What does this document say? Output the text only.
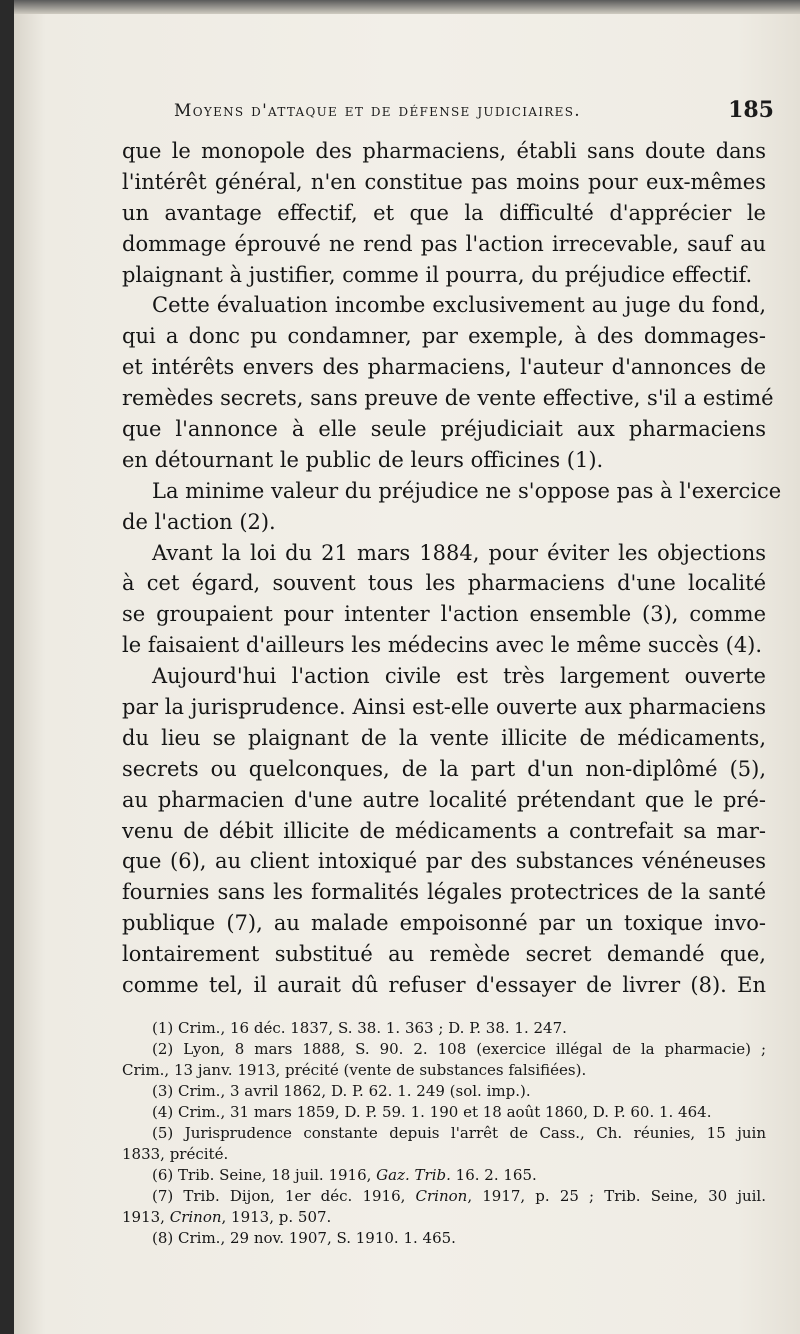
Moyens d'attaque et de défense judiciaires.	185
que le monopole des pharmaciens, établi sans doute dans
l'intérêt général, n'en constitue pas moins pour eux-mêmes
un avantage effectif, et que la difficulté d'apprécier le
dommage éprouvé ne rend pas l'action irrecevable, sauf au
plaignant à justifier, comme il pourra, du préjudice effectif.
Cette évaluation incombe exclusivement au juge du fond,
qui a donc pu condamner, par exemple, à des dommages-
et intérêts envers des pharmaciens, l'auteur d'annonces de
remèdes secrets, sans preuve de vente effective, s'il a estimé
que l'annonce à elle seule préjudiciait aux pharmaciens
en détournant le public de leurs officines (1).
La minime valeur du préjudice ne s'oppose pas à l'exercice
de l'action (2).
Avant la loi du 21 mars 1884, pour éviter les objections
à cet égard, souvent tous les pharmaciens d'une localité
se groupaient pour intenter l'action ensemble (3), comme
le faisaient d'ailleurs les médecins avec le même succès (4).
Aujourd'hui l'action civile est très largement ouverte
par la jurisprudence. Ainsi est-elle ouverte aux pharmaciens
du lieu se plaignant de la vente illicite de médicaments,
secrets ou quelconques, de la part d'un non-diplômé (5),
au pharmacien d'une autre localité prétendant que le pré-
venu de débit illicite de médicaments a contrefait sa mar-
que (6), au client intoxiqué par des substances vénéneuses
fournies sans les formalités légales protectrices de la santé
publique (7), au malade empoisonné par un toxique invo-
lontairement substitué au remède secret demandé que,
comme tel, il aurait dû refuser d'essayer de livrer (8). En
(1) Crim., 16 déc. 1837, S. 38. 1. 363 ; D. P. 38. 1. 247.
(2) Lyon, 8 mars 1888, S. 90. 2. 108 (exercice illégal de la pharmacie) ;
Crim., 13 janv. 1913, précité (vente de substances falsifiées).
(3) Crim., 3 avril 1862, D. P. 62. 1. 249 (sol. imp.).
(4) Crim., 31 mars 1859, D. P. 59. 1. 190 et 18 août 1860, D. P. 60. 1. 464.
(5) Jurisprudence constante depuis l'arrêt de Cass., Ch. réunies, 15 juin
1833, précité.
(6) Trib. Seine, 18 juil. 1916, Gaz. Trib. 16. 2. 165.
(7) Trib. Dijon, 1er déc. 1916, Crinon, 1917, p. 25 ; Trib. Seine, 30 juil.
1913, Crinon, 1913, p. 507.
(8) Crim., 29 nov. 1907, S. 1910. 1. 465.
